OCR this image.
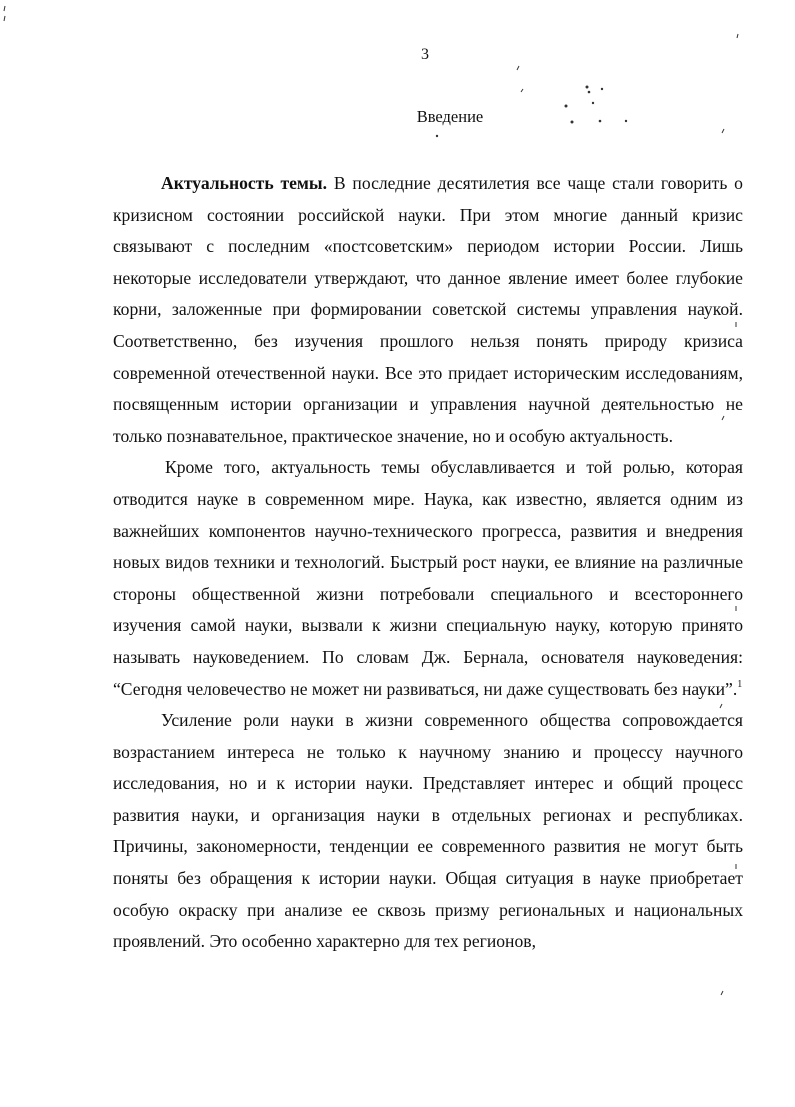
3
Введение

Актуальность темы. В последние десятилетия все чаще стали говорить о кризисном состоянии российской науки. При этом многие данный кризис связывают с последним «постсоветским» периодом истории России. Лишь некоторые исследователи утверждают, что данное явление имеет более глубокие корни, заложенные при формировании советской системы управления наукой. Соответственно, без изучения прошлого нельзя понять природу кризиса современной отечественной науки. Все это придает историческим исследованиям, посвященным истории организации и управления научной деятельностью не только познавательное, практическое значение, но и особую актуальность.

Кроме того, актуальность темы обуславливается и той ролью, которая отводится науке в современном мире. Наука, как известно, является одним из важнейших компонентов научно-технического прогресса, развития и внедрения новых видов техники и технологий. Быстрый рост науки, ее влияние на различные стороны общественной жизни потребовали специального и всестороннего изучения самой науки, вызвали к жизни специальную науку, которую принято называть науковедением. По словам Дж. Бернала, основателя науковедения: “Сегодня человечество не может ни развиваться, ни даже существовать без науки”.$^1$

Усиление роли науки в жизни современного общества сопровождается возрастанием интереса не только к научному знанию и процессу научного исследования, но и к истории науки. Представляет интерес и общий процесс развития науки, и организация науки в отдельных регионах и республиках. Причины, закономерности, тенденции ее современного развития не могут быть поняты без обращения к истории науки. Общая ситуация в науке приобретает особую окраску при анализе ее сквозь призму региональных и национальных проявлений. Это особенно характерно для тех регионов,
